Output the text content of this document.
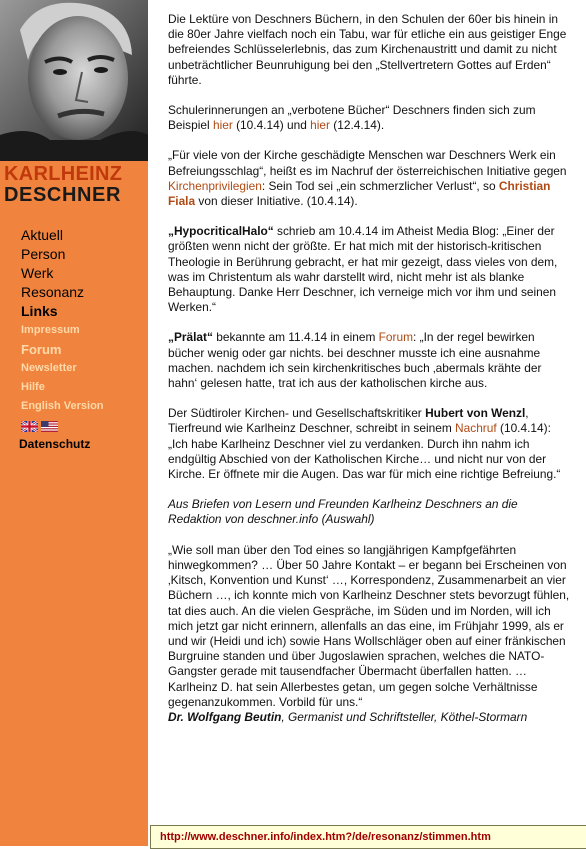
KARLHEINZ
DESCHNER
Aktuell
Person
Werk
Resonanz
Links
Impressum
Forum
Newsletter
Hilfe
English Version
Datenschutz

Die Lektüre von Deschners Büchern, in den Schulen der 60er bis hinein in die 80er Jahre vielfach noch ein Tabu, war für etliche ein aus geistiger Enge befreiendes Schlüsselerlebnis, das zum Kirchenaustritt und damit zu nicht unbeträchtlicher Beunruhigung bei den „Stellvertretern Gottes auf Erden“ führte.

Schulerinnerungen an „verbotene Bücher“ Deschners finden sich zum Beispiel hier (10.4.14) und hier (12.4.14).

„Für viele von der Kirche geschädigte Menschen war Deschners Werk ein Befreiungsschlag“, heißt es im Nachruf der österreichischen Initiative gegen Kirchenprivilegien: Sein Tod sei „ein schmerzlicher Verlust“, so Christian Fiala von dieser Initiative. (10.4.14).

„HypocriticalHalo“ schrieb am 10.4.14 im Atheist Media Blog: „Einer der größten wenn nicht der größte. Er hat mich mit der historisch-kritischen Theologie in Berührung gebracht, er hat mir gezeigt, dass vieles von dem, was im Christentum als wahr darstellt wird, nicht mehr ist als blanke Behauptung. Danke Herr Deschner, ich verneige mich vor ihm und seinen Werken.“

„Prälat“ bekannte am 11.4.14 in einem Forum: „In der regel bewirken bücher wenig oder gar nichts. bei deschner musste ich eine ausnahme machen. nachdem ich sein kirchenkritisches buch ‚abermals krähte der hahn‘ gelesen hatte, trat ich aus der katholischen kirche aus.

Der Südtiroler Kirchen- und Gesellschaftskritiker Hubert von Wenzl, Tierfreund wie Karlheinz Deschner, schreibt in seinem Nachruf (10.4.14): „Ich habe Karlheinz Deschner viel zu verdanken. Durch ihn nahm ich endgültig Abschied von der Katholischen Kirche… und nicht nur von der Kirche. Er öffnete mir die Augen. Das war für mich eine richtige Befreiung.“

Aus Briefen von Lesern und Freunden Karlheinz Deschners an die Redaktion von deschner.info (Auswahl)

„Wie soll man über den Tod eines so langjährigen Kampfgefährten hinwegkommen? … Über 50 Jahre Kontakt – er begann bei Erscheinen von ‚Kitsch, Konvention und Kunst‘ …, Korrespondenz, Zusammenarbeit an vier Büchern …, ich konnte mich von Karlheinz Deschner stets bevorzugt fühlen, tat dies auch. An die vielen Gespräche, im Süden und im Norden, will ich mich jetzt gar nicht erinnern, allenfalls an das eine, im Frühjahr 1999, als er und wir (Heidi und ich) sowie Hans Wollschläger oben auf einer fränkischen Burgruine standen und über Jugoslawien sprachen, welches die NATO-Gangster gerade mit tausendfacher Übermacht überfallen hatten. … Karlheinz D. hat sein Allerbestes getan, um gegen solche Verhältnisse gegenanzukommen. Vorbild für uns.“

Dr. Wolfgang Beutin, Germanist und Schriftsteller, Köthel-Stormarn

http://www.deschner.info/index.htm?/de/resonanz/stimmen.htm
